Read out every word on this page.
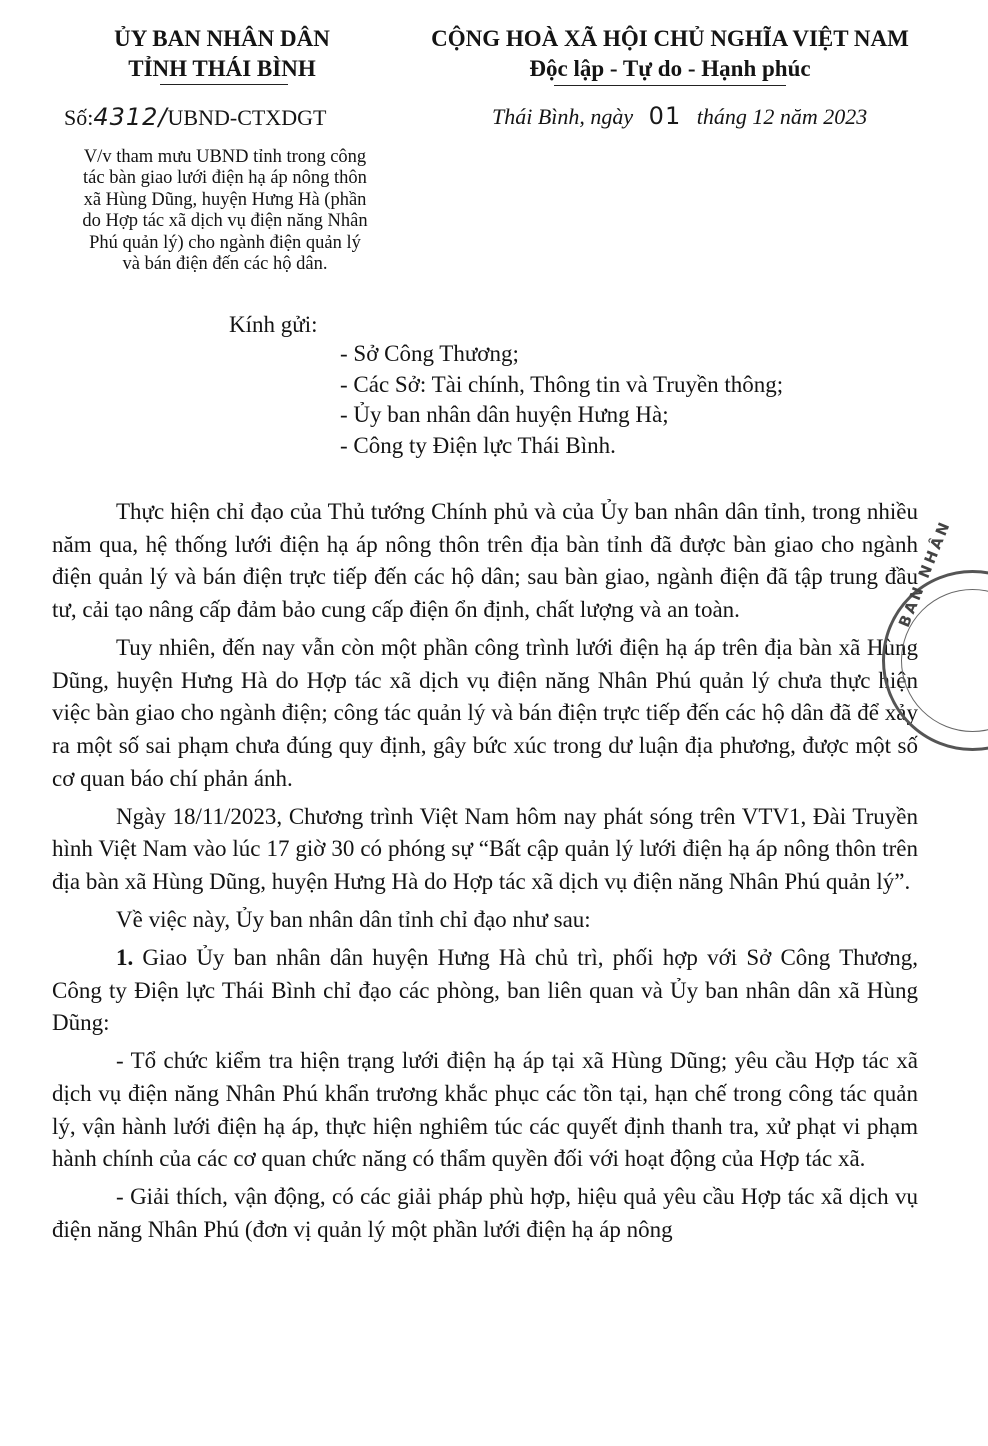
ỦY BAN NHÂN DÂN
TỈNH THÁI BÌNH
CỘNG HOÀ XÃ HỘI CHỦ NGHĨA VIỆT NAM
Độc lập - Tự do - Hạnh phúc
Số:4312/UBND-CTXDGT	Thái Bình, ngày 01 tháng 12 năm 2023
V/v tham mưu UBND tỉnh trong công
tác bàn giao lưới điện hạ áp nông thôn
xã Hùng Dũng, huyện Hưng Hà (phần
do Hợp tác xã dịch vụ điện năng Nhân
Phú quản lý) cho ngành điện quản lý
và bán điện đến các hộ dân.
Kính gửi:
- Sở Công Thương;
- Các Sở: Tài chính, Thông tin và Truyền thông;
- Ủy ban nhân dân huyện Hưng Hà;
- Công ty Điện lực Thái Bình.

Thực hiện chỉ đạo của Thủ tướng Chính phủ và của Ủy ban nhân dân tỉnh, trong nhiều năm qua, hệ thống lưới điện hạ áp nông thôn trên địa bàn tỉnh đã được bàn giao cho ngành điện quản lý và bán điện trực tiếp đến các hộ dân; sau bàn giao, ngành điện đã tập trung đầu tư, cải tạo nâng cấp đảm bảo cung cấp điện ổn định, chất lượng và an toàn.

Tuy nhiên, đến nay vẫn còn một phần công trình lưới điện hạ áp trên địa bàn xã Hùng Dũng, huyện Hưng Hà do Hợp tác xã dịch vụ điện năng Nhân Phú quản lý chưa thực hiện việc bàn giao cho ngành điện; công tác quản lý và bán điện trực tiếp đến các hộ dân đã để xảy ra một số sai phạm chưa đúng quy định, gây bức xúc trong dư luận địa phương, được một số cơ quan báo chí phản ánh.

Ngày 18/11/2023, Chương trình Việt Nam hôm nay phát sóng trên VTV1, Đài Truyền hình Việt Nam vào lúc 17 giờ 30 có phóng sự “Bất cập quản lý lưới điện hạ áp nông thôn trên địa bàn xã Hùng Dũng, huyện Hưng Hà do Hợp tác xã dịch vụ điện năng Nhân Phú quản lý”.

Về việc này, Ủy ban nhân dân tỉnh chỉ đạo như sau:

1. Giao Ủy ban nhân dân huyện Hưng Hà chủ trì, phối hợp với Sở Công Thương, Công ty Điện lực Thái Bình chỉ đạo các phòng, ban liên quan và Ủy ban nhân dân xã Hùng Dũng:

- Tổ chức kiểm tra hiện trạng lưới điện hạ áp tại xã Hùng Dũng; yêu cầu Hợp tác xã dịch vụ điện năng Nhân Phú khẩn trương khắc phục các tồn tại, hạn chế trong công tác quản lý, vận hành lưới điện hạ áp, thực hiện nghiêm túc các quyết định thanh tra, xử phạt vi phạm hành chính của các cơ quan chức năng có thẩm quyền đối với hoạt động của Hợp tác xã.

- Giải thích, vận động, có các giải pháp phù hợp, hiệu quả yêu cầu Hợp tác xã dịch vụ điện năng Nhân Phú (đơn vị quản lý một phần lưới điện hạ áp nông

BAN NHÂN
